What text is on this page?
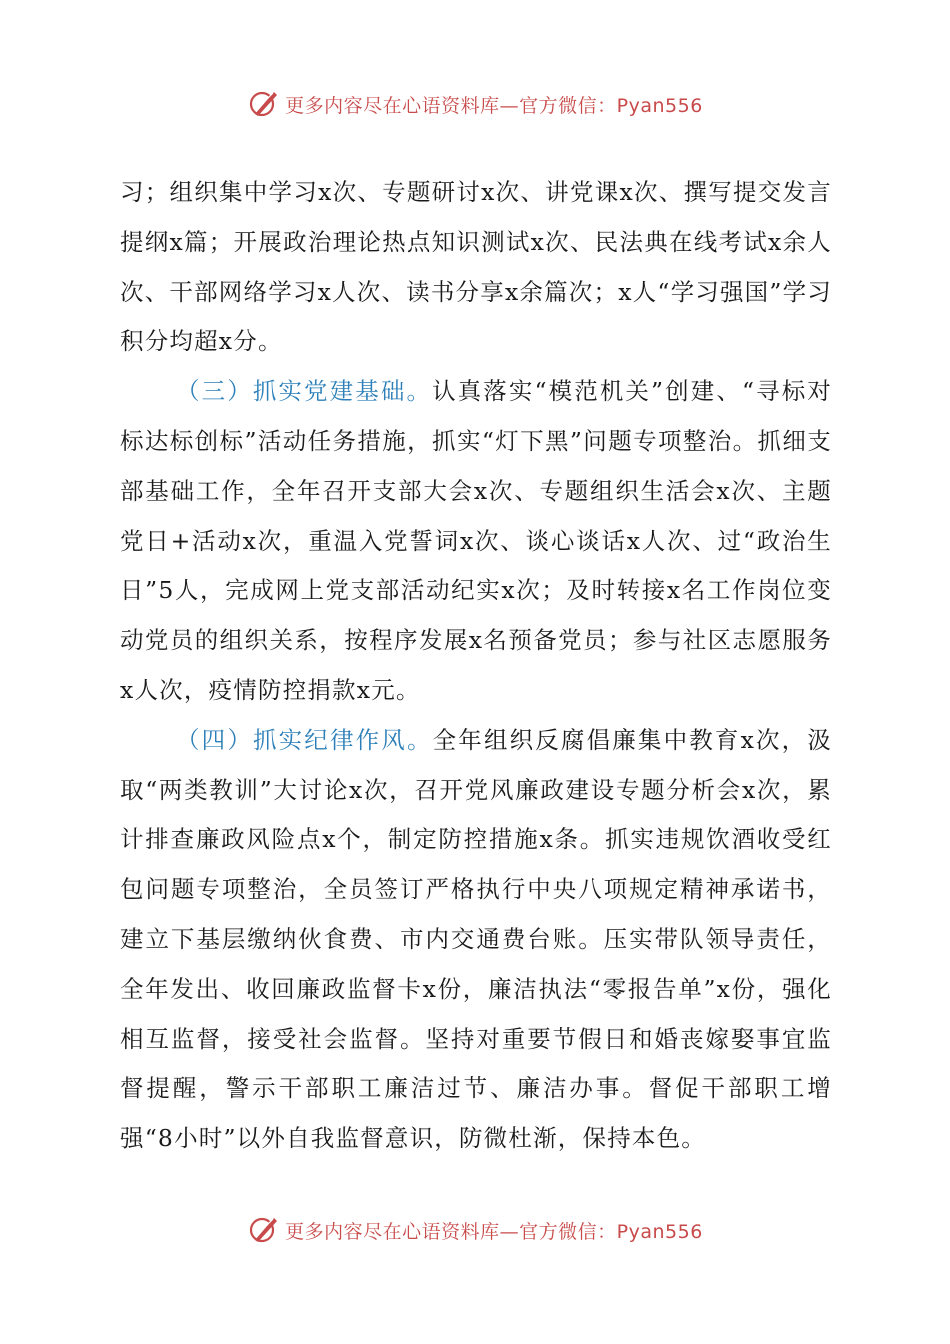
更多内容尽在心语资料库—官方微信：Pyan556

习；组织集中学习x次、专题研讨x次、讲党课x次、撰写提交发言提纲x篇；开展政治理论热点知识测试x次、民法典在线考试x余人次、干部网络学习x人次、读书分享x余篇次；x人“学习强国”学习积分均超x分。

（三）抓实党建基础。认真落实“模范机关”创建、“寻标对标达标创标”活动任务措施，抓实“灯下黑”问题专项整治。抓细支部基础工作，全年召开支部大会x次、专题组织生活会x次、主题党日+活动x次，重温入党誓词x次、谈心谈话x人次、过“政治生日”5人，完成网上党支部活动纪实x次；及时转接x名工作岗位变动党员的组织关系，按程序发展x名预备党员；参与社区志愿服务x人次，疫情防控捐款x元。

（四）抓实纪律作风。全年组织反腐倡廉集中教育x次，汲取“两类教训”大讨论x次，召开党风廉政建设专题分析会x次，累计排查廉政风险点x个，制定防控措施x条。抓实违规饮酒收受红包问题专项整治，全员签订严格执行中央八项规定精神承诺书，建立下基层缴纳伙食费、市内交通费台账。压实带队领导责任，全年发出、收回廉政监督卡x份，廉洁执法“零报告单”x份，强化相互监督，接受社会监督。坚持对重要节假日和婚丧嫁娶事宜监督提醒，警示干部职工廉洁过节、廉洁办事。督促干部职工增强“8小时”以外自我监督意识，防微杜渐，保持本色。

更多内容尽在心语资料库—官方微信：Pyan556
